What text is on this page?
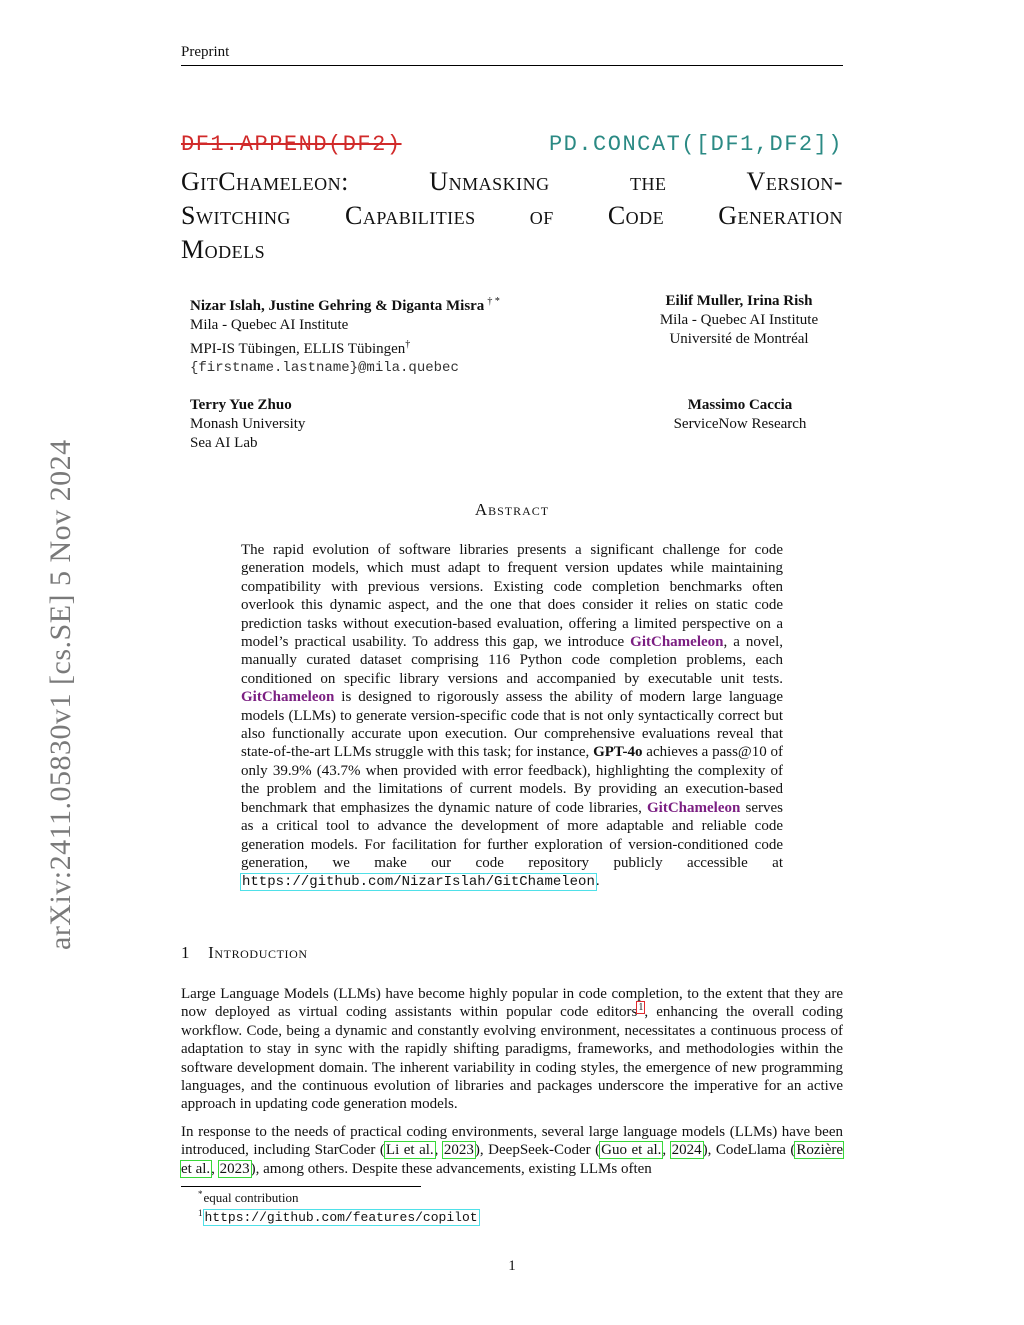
Preprint
arXiv:2411.05830v1 [cs.SE] 5 Nov 2024
DF1.APPEND(DF2)	PD.CONCAT([DF1,DF2])
GitChameleon:	Unmasking	the	Version-
Switching Capabilities of Code Generation
Models
Nizar Islah, Justine Gehring & Diganta Misra † *
Mila - Quebec AI Institute
MPI-IS Tübingen, ELLIS Tübingen†
{firstname.lastname}@mila.quebec
Eilif Muller, Irina Rish
Mila - Quebec AI Institute
Université de Montréal
Terry Yue Zhuo
Monash University
Sea AI Lab
Massimo Caccia
ServiceNow Research
Abstract
The rapid evolution of software libraries presents a significant challenge for code generation models, which must adapt to frequent version updates while maintaining compatibility with previous versions. Existing code completion benchmarks often overlook this dynamic aspect, and the one that does consider it relies on static code prediction tasks without execution-based evaluation, offering a limited perspective on a model’s practical usability. To address this gap, we introduce GitChameleon, a novel, manually curated dataset comprising 116 Python code completion problems, each conditioned on specific library versions and accompanied by executable unit tests. GitChameleon is designed to rigorously assess the ability of modern large language models (LLMs) to generate version-specific code that is not only syntactically correct but also functionally accurate upon execution. Our comprehensive evaluations reveal that state-of-the-art LLMs struggle with this task; for instance, GPT-4o achieves a pass@10 of only 39.9% (43.7% when provided with error feedback), highlighting the complexity of the problem and the limitations of current models. By providing an execution-based benchmark that emphasizes the dynamic nature of code libraries, GitChameleon serves as a critical tool to advance the development of more adaptable and reliable code generation models. For facilitation for further exploration of version-conditioned code generation, we make our code repository publicly accessible at https://github.com/NizarIslah/GitChameleon.
1 Introduction
Large Language Models (LLMs) have become highly popular in code completion, to the extent that they are now deployed as virtual coding assistants within popular code editors$^1$, enhancing the overall coding workflow. Code, being a dynamic and constantly evolving environment, necessitates a continuous process of adaptation to stay in sync with the rapidly shifting paradigms, frameworks, and methodologies within the software development domain. The inherent variability in coding styles, the emergence of new programming languages, and the continuous evolution of libraries and packages underscore the imperative for an active approach in updating code generation models.
In response to the needs of practical coding environments, several large language models (LLMs) have been introduced, including StarCoder (Li et al., 2023), DeepSeek-Coder (Guo et al., 2024), CodeLlama (Rozière et al., 2023), among others. Despite these advancements, existing LLMs often
*equal contribution
$^1$ https://github.com/features/copilot
1
